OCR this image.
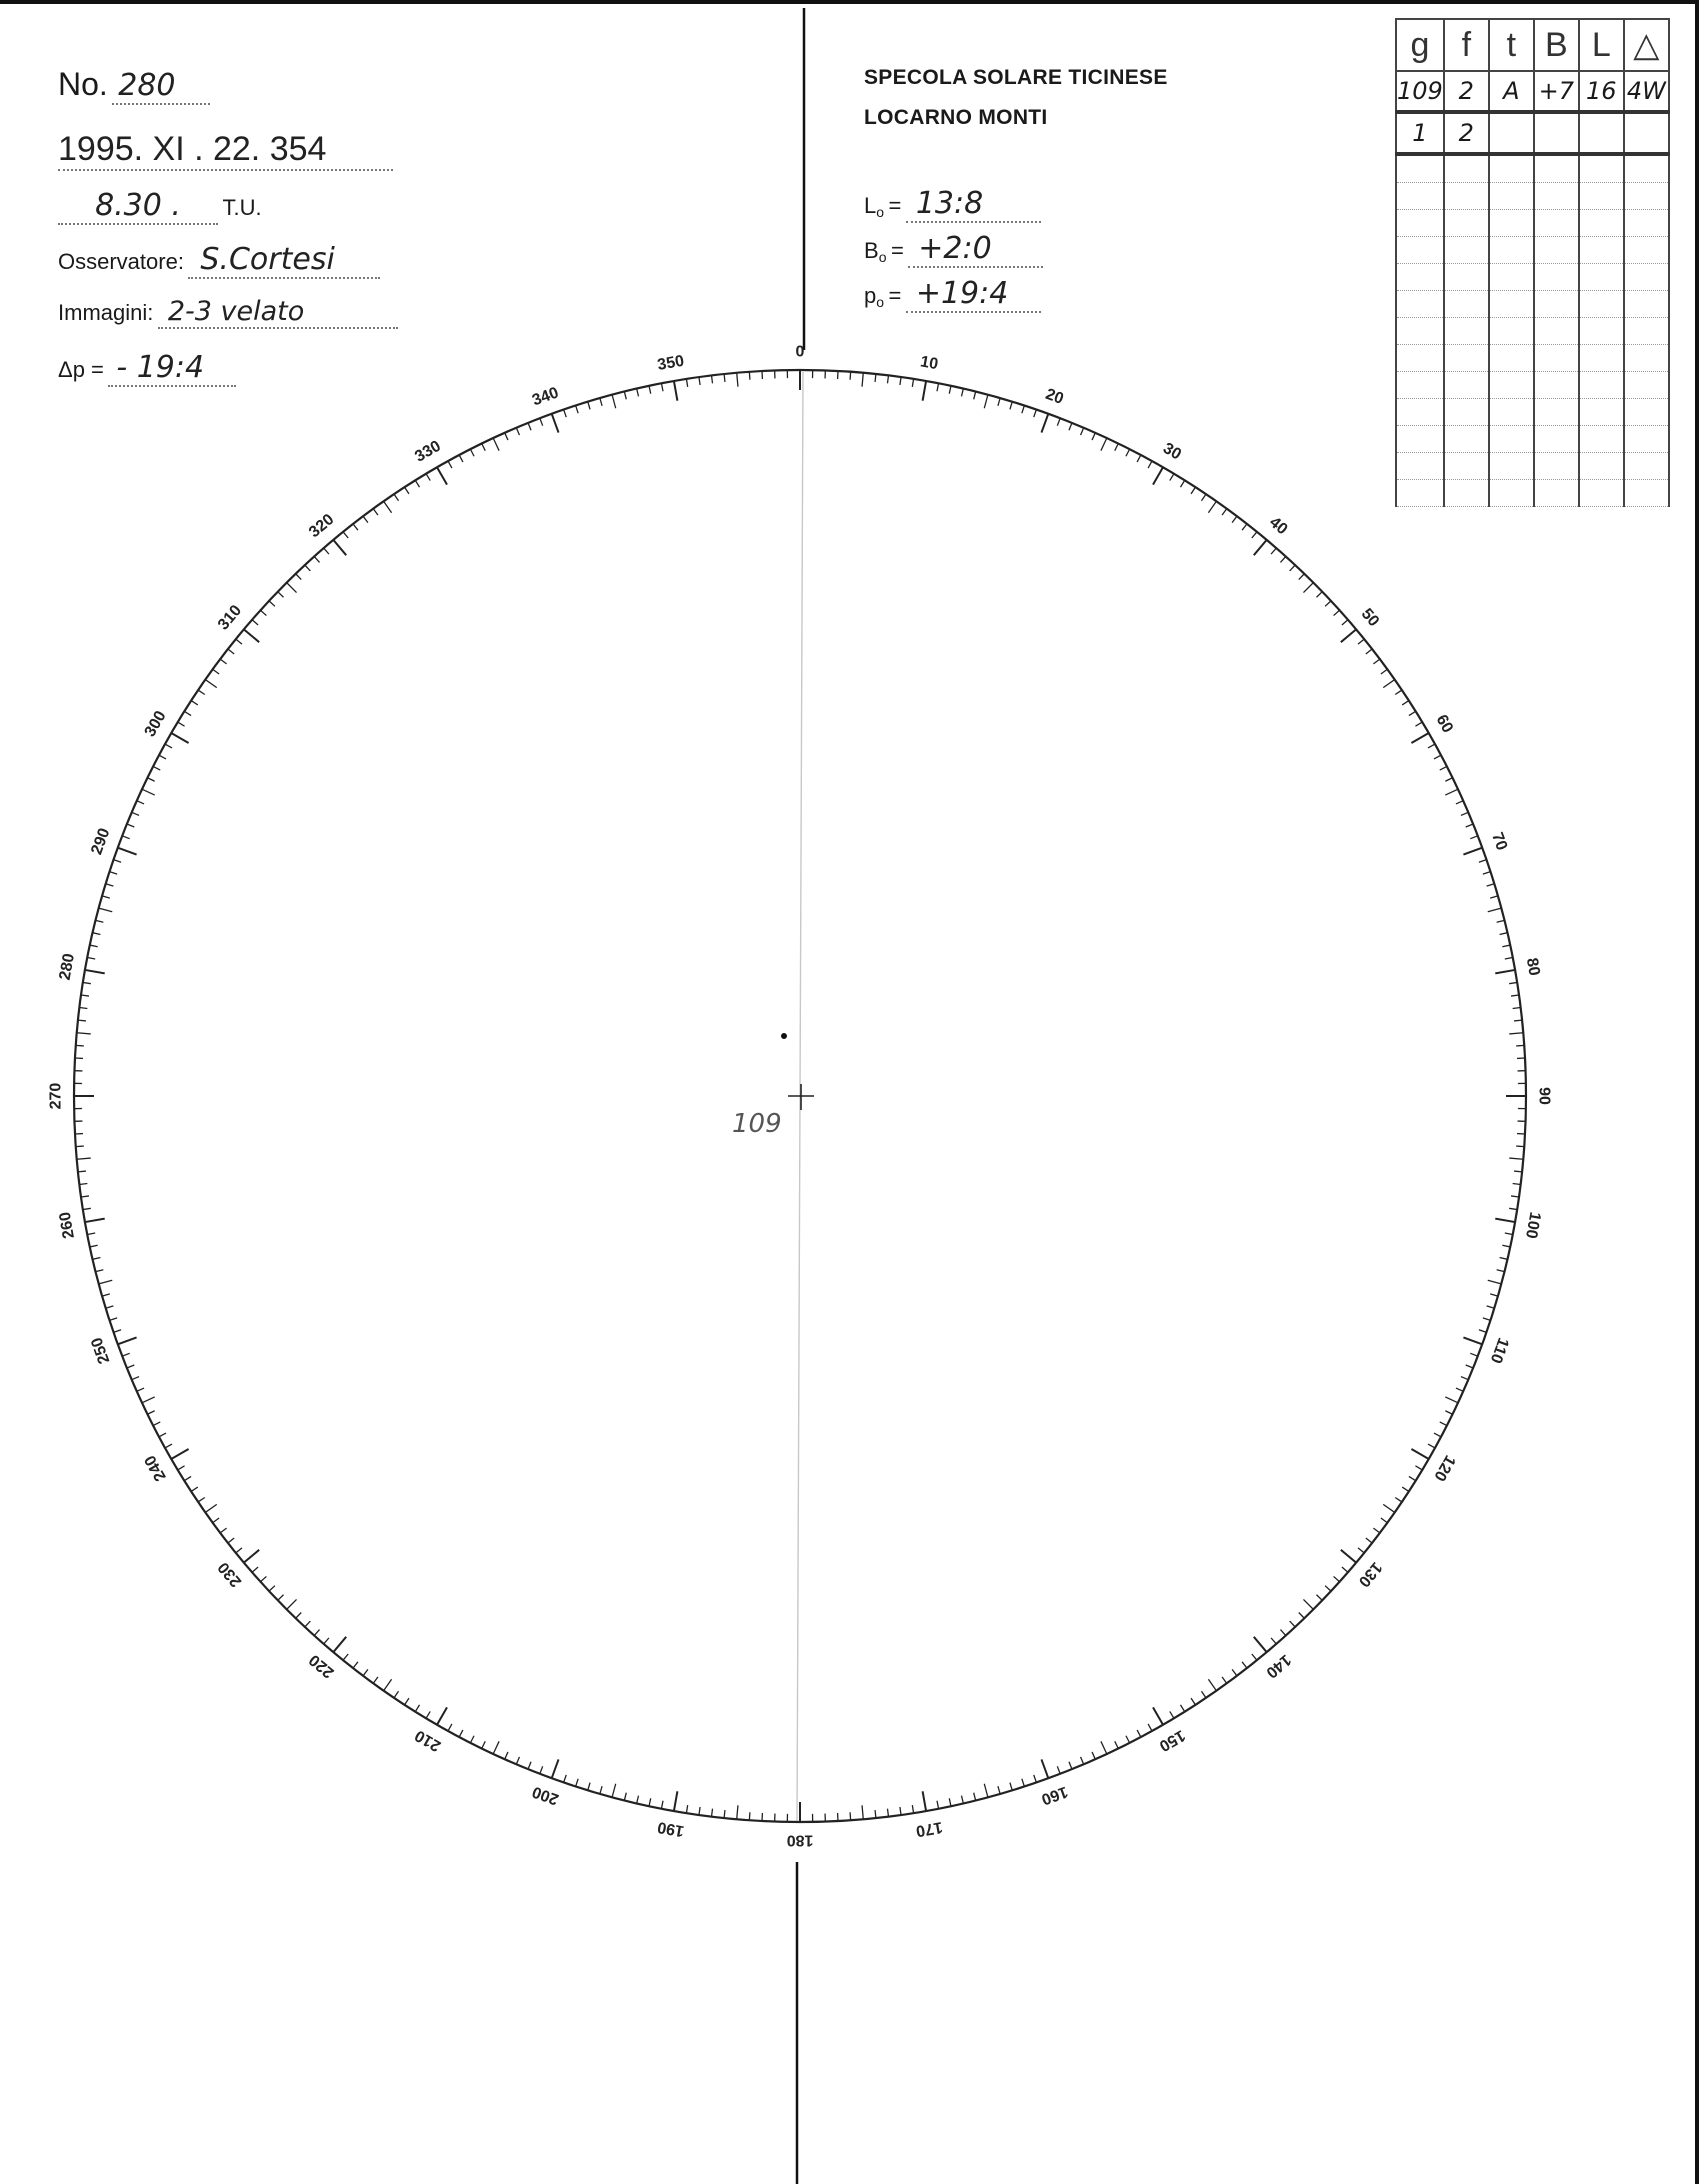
No. 280
1995. XI . 22. 354
8.30 . T.U.
Osservatore: S.Cortesi
Immagini: 2-3 velato
Δp = - 19:4
SPECOLA SOLARE TICINESE
LOCARNO MONTI
$L_o$ = 13:8
$B_o$ = +2:0
$p_o$ = +19:4
g	f	t	B	L	△
109	2	A	+7	16	4W
1	2				

0
10
20
30
40
50
60
70
80
90
100
110
120
130
140
150
160
170
180
190
200
210
220
230
240
250
260
270
280
290
300
310
320
330
340
350
109
